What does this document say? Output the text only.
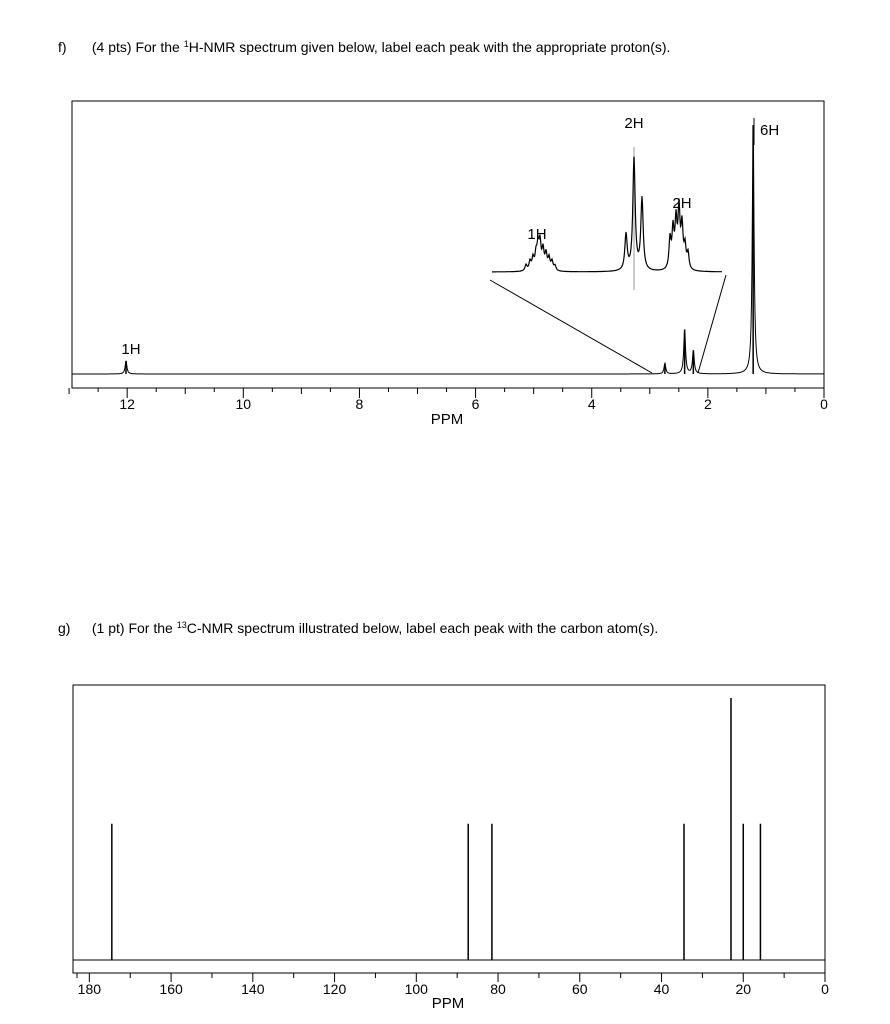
f) (4 pts) For the $^1$H-NMR spectrum given below, label each peak with the appropriate proton(s).
g) (1 pt) For the $^{13}$C-NMR spectrum illustrated below, label each peak with the carbon atom(s).
12	10	8	6	4	2	0
PPM
1H
2H
2H
1H
6H
180	160	140	120	100	80	60	40	20	0
PPM
